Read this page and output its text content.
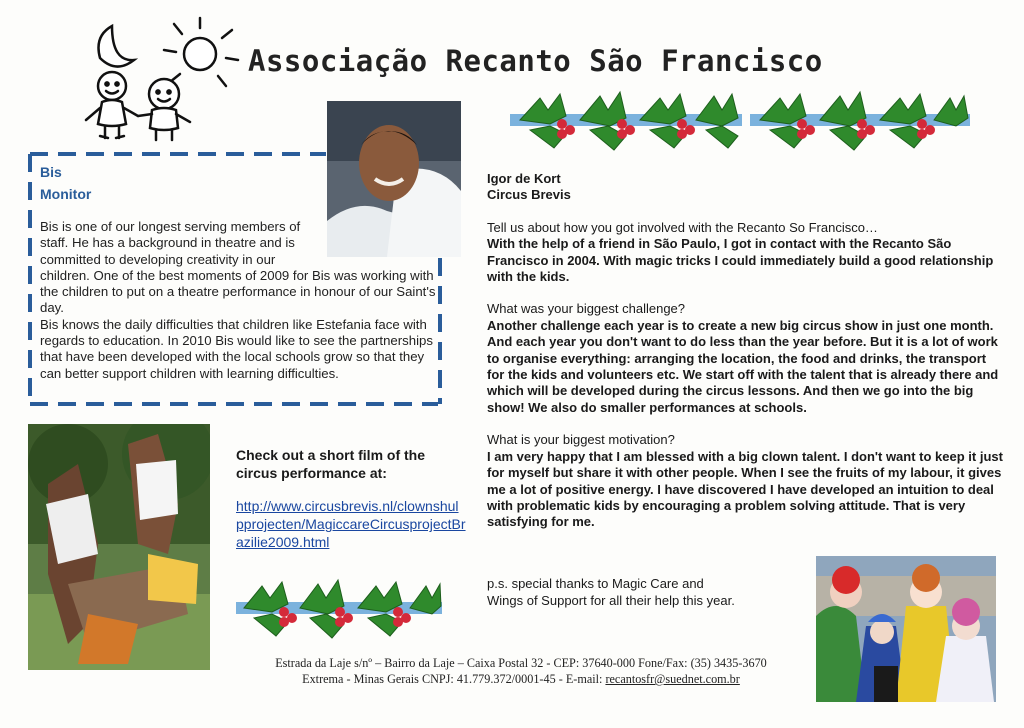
Associação Recanto São Francisco
Bis
Monitor

Bis is one of our longest serving members of staff. He has a background in theatre and is committed to developing creativity in our

children. One of the best moments of 2009 for Bis was working with the children to put on a theatre performance in honour of our Saint's day.

Bis knows the daily difficulties that children like Estefania face with regards to education. In 2010 Bis would like to see the partnerships that have been developed with the local schools grow so that they can better support children with learning difficulties.

Check out a short film of the circus performance at:
http://www.circusbrevis.nl/clownshulpprojecten/MagiccareCircusprojectBrazilie2009.html

Igor de Kort

Circus Brevis

Tell us about how you got involved with the Recanto So Francisco…

With the help of a friend in São Paulo, I got in contact with the Recanto São Francisco in 2004. With magic tricks I could immediately build a good relationship with the kids.

What was your biggest challenge?

Another challenge each year is to create a new big circus show in just one month. And each year you don't want to do less than the year before. But it is a lot of work to organise everything: arranging the location, the food and drinks, the transport for the kids and volunteers etc. We start off with the talent that is already there and which will be developed during the circus lessons. And then we go into the big show! We also do smaller performances at schools.

What is your biggest motivation?

I am very happy that I am blessed with a big clown talent. I don't want to keep it just for myself but share it with other people. When I see the fruits of my labour, it gives me a lot of positive energy. I have discovered I have developed an intuition to deal with problematic kids by encouraging a problem solving attitude. That is very satisfying for me.

p.s. special thanks to Magic Care and
Wings of Support for all their help this year.
Estrada da Laje s/nº – Bairro da Laje – Caixa Postal 32 - CEP: 37640-000 Fone/Fax: (35) 3435-3670
Extrema - Minas Gerais CNPJ: 41.779.372/0001-45 - E-mail: recantosfr@suednet.com.br
